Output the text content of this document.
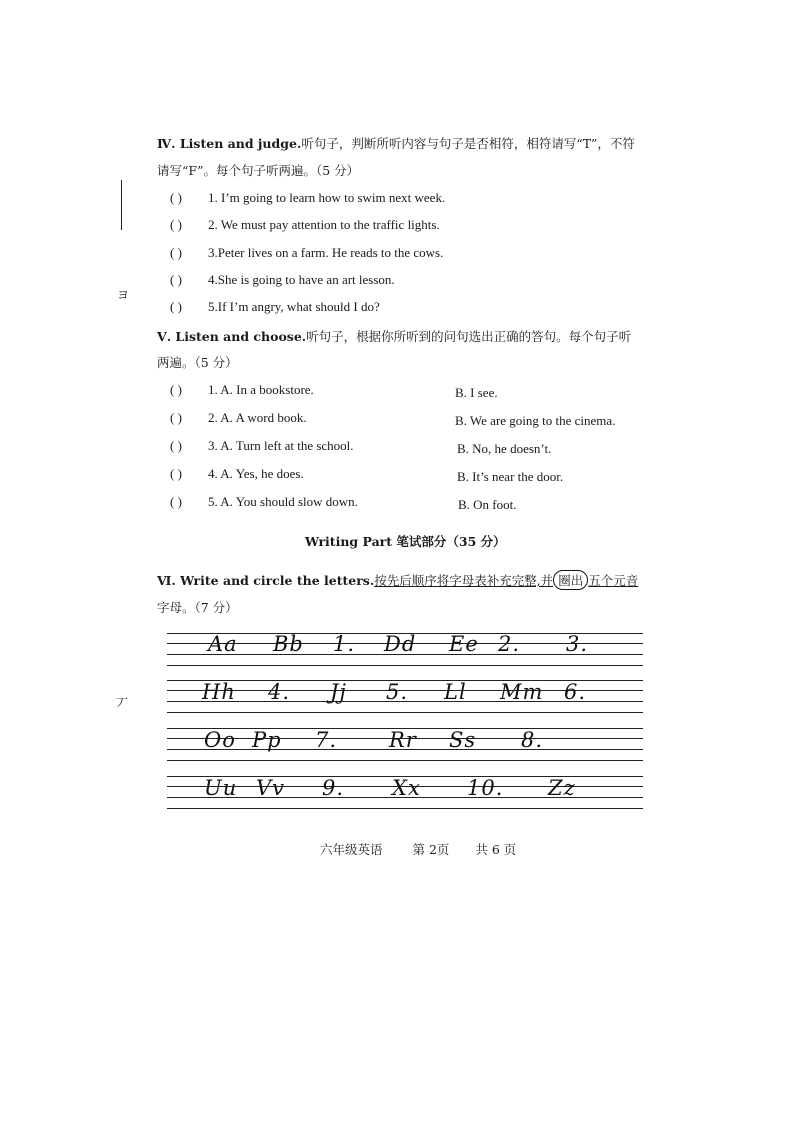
Ⅳ. Listen and judge.听句子，判断所听内容与句子是否相符，相符请写“T”，不符
请写“F”。每个句子听两遍。（5 分）
ヨ
丆
( ) 1. I’m going to learn how to swim next week.
( ) 2. We must pay attention to the traffic lights.
( ) 3.Peter lives on a farm. He reads to the cows.
( ) 4.She is going to have an art lesson.
( ) 5.If I’m angry, what should I do?
Ⅴ. Listen and choose.听句子，根据你所听到的问句选出正确的答句。每个句子听
两遍。（5 分）
( ) 1. A. In a bookstore.	B. I see.
( ) 2. A. A word book.	B. We are going to the cinema.
( ) 3. A. Turn left at the school.	B. No, he doesn’t.
( ) 4. A. Yes, he does.	B. It’s near the door.
( ) 5. A. You should slow down.	B. On foot.
Writing Part 笔试部分（35 分）
Ⅵ. Write and circle the letters.按先后顺序将字母表补充完整,并 圈出 五个元音
字母。（7 分）
Aa Bb 1. Dd Ee 2. 3.
Hh 4. Jj 5. Ll Mm 6.
Oo Pp 7. Rr Ss 8.
Uu Vv 9. Xx 10. Zz
六年级英语 第 2页 共 6 页
